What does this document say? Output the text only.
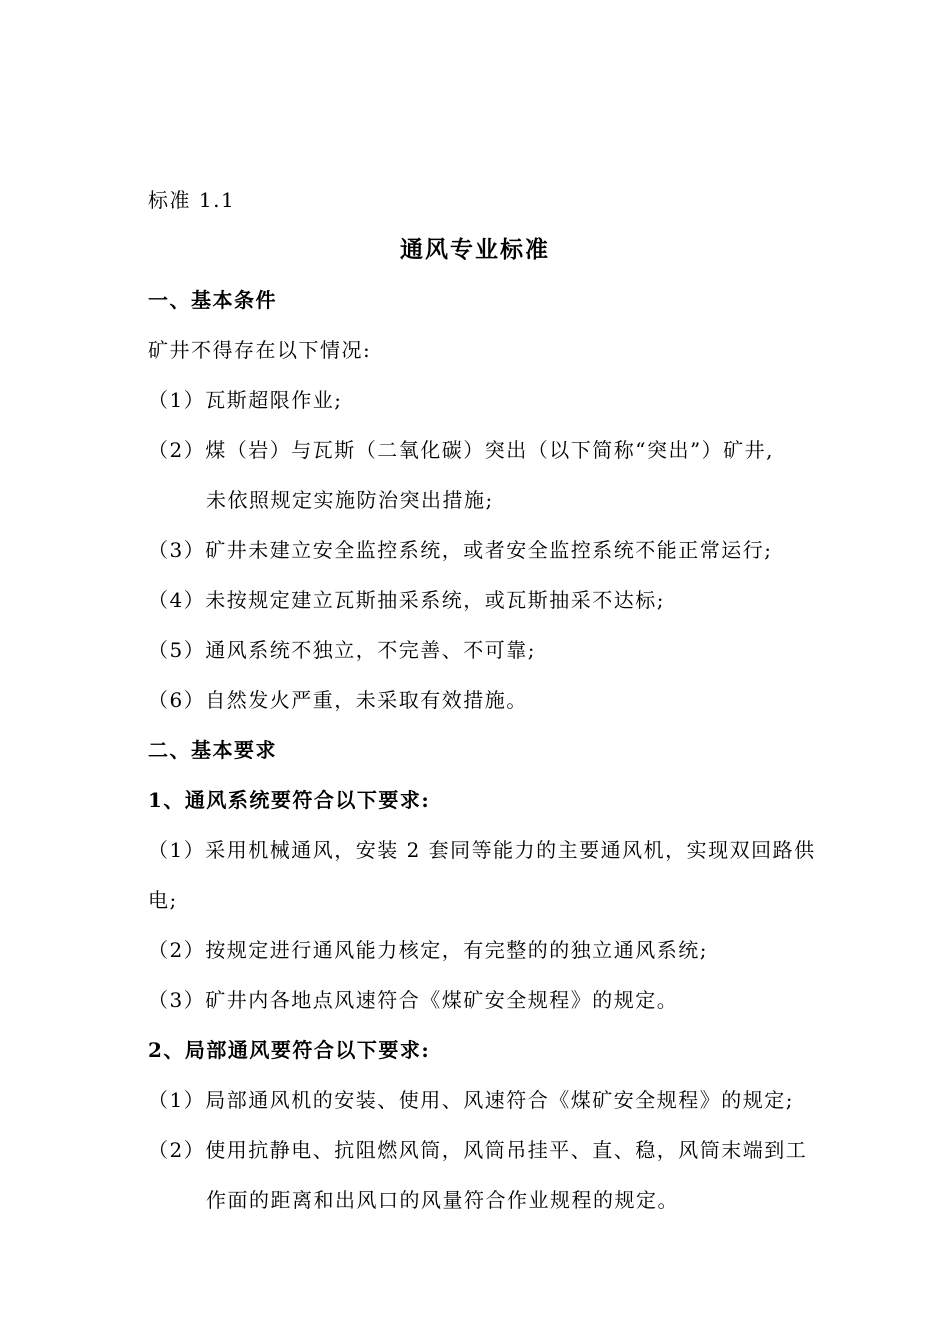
标准 1.1
通风专业标准
一、基本条件
矿井不得存在以下情况:
（1）瓦斯超限作业;
（2）煤（岩）与瓦斯（二氧化碳）突出（以下简称“突出”）矿井,
未依照规定实施防治突出措施;
（3）矿井未建立安全监控系统，或者安全监控系统不能正常运行;
（4）未按规定建立瓦斯抽采系统，或瓦斯抽采不达标;
（5）通风系统不独立，不完善、不可靠;
（6）自然发火严重，未采取有效措施。
二、基本要求
1、通风系统要符合以下要求:
（1）采用机械通风，安装 2 套同等能力的主要通风机，实现双回路供
电;
（2）按规定进行通风能力核定，有完整的的独立通风系统;
（3）矿井内各地点风速符合《煤矿安全规程》的规定。
2、局部通风要符合以下要求:
（1）局部通风机的安装、使用、风速符合《煤矿安全规程》的规定;
（2）使用抗静电、抗阻燃风筒，风筒吊挂平、直、稳，风筒末端到工
作面的距离和出风口的风量符合作业规程的规定。
